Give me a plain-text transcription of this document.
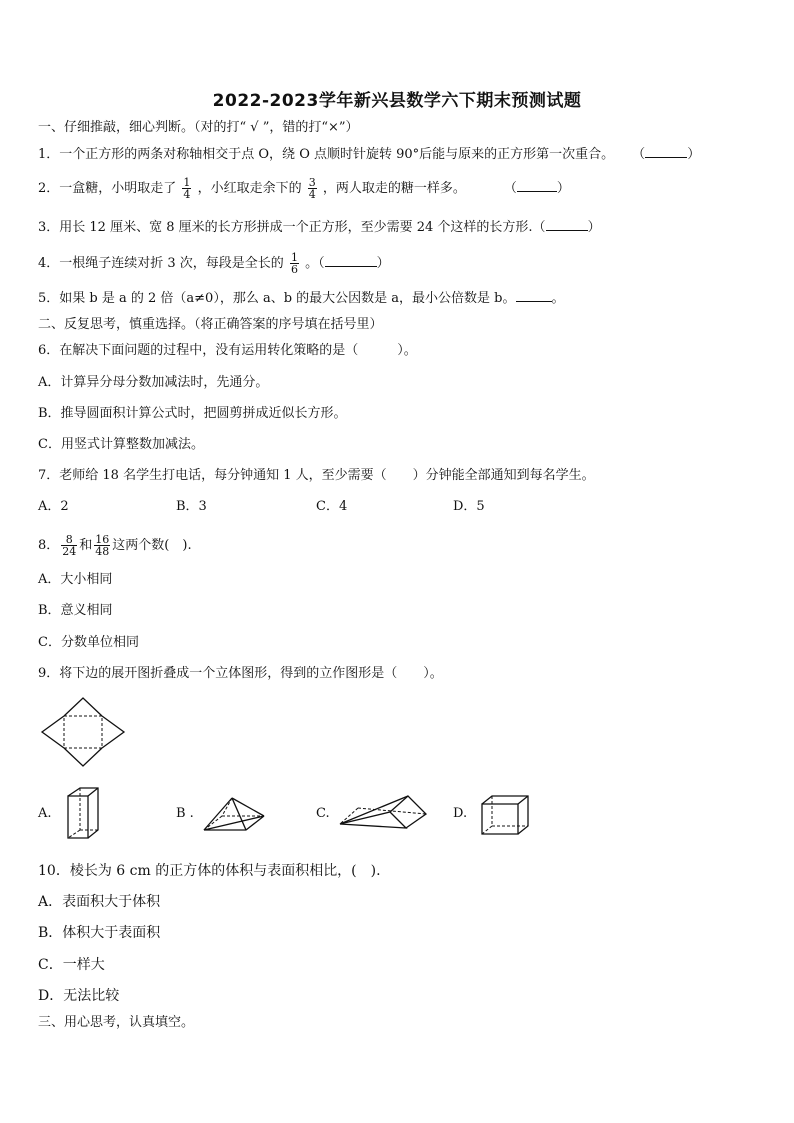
2022-2023学年新兴县数学六下期末预测试题
一、仔细推敲，细心判断。（对的打“ √ ”，错的打“×”）
1．一个正方形的两条对称轴相交于点 O，绕 O 点顺时针旋转 90°后能与原来的正方形第一次重合。 （	）
2．一盒糖，小明取走了 $\frac{1}{4}$ ，小红取走余下的 $\frac{3}{4}$ ，两人取走的糖一样多。	（	）
3．用长 12 厘米、宽 8 厘米的长方形拼成一个正方形，至少需要 24 个这样的长方形.（	）
4．一根绳子连续对折 3 次，每段是全长的 $\frac{1}{6}$ 。（	）
5．如果 b 是 a 的 2 倍（a≠0），那么 a、b 的最大公因数是 a，最小公倍数是 b。	。
二、反复思考，慎重选择。（将正确答案的序号填在括号里）
6．在解决下面问题的过程中，没有运用转化策略的是（　　　）。
A．计算异分母分数加减法时，先通分。
B．推导圆面积计算公式时，把圆剪拼成近似长方形。
C．用竖式计算整数加减法。
7．老师给 18 名学生打电话，每分钟通知 1 人，至少需要（　　）分钟能全部通知到每名学生。
A．2	B．3	C．4	D．5
8． $\frac{8}{24}$ 和 $\frac{16}{48}$ 这两个数(　).
A．大小相同
B．意义相同
C．分数单位相同
9．将下边的展开图折叠成一个立体图形，得到的立作图形是（　　）。
A.	B .	C.	D.
10．棱长为 6 cm 的正方体的体积与表面积相比，(　).
A．表面积大于体积
B．体积大于表面积
C．一样大
D．无法比较
三、用心思考，认真填空。
